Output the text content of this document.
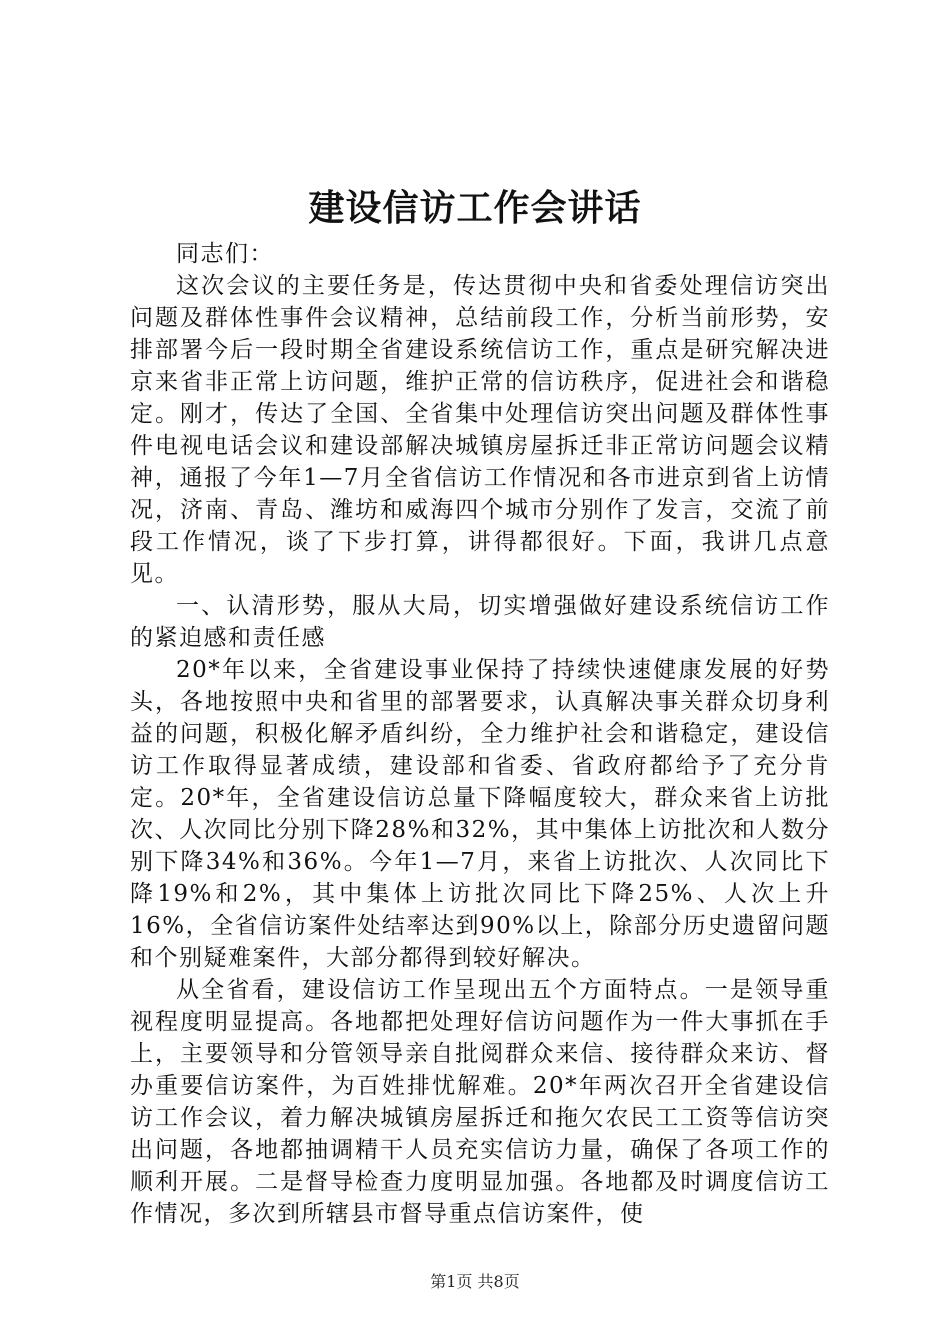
建设信访工作会讲话

同志们：

这次会议的主要任务是，传达贯彻中央和省委处理信访突出问题及群体性事件会议精神，总结前段工作，分析当前形势，安排部署今后一段时期全省建设系统信访工作，重点是研究解决进京来省非正常上访问题，维护正常的信访秩序，促进社会和谐稳定。刚才，传达了全国、全省集中处理信访突出问题及群体性事件电视电话会议和建设部解决城镇房屋拆迁非正常访问题会议精神，通报了今年1—7月全省信访工作情况和各市进京到省上访情况，济南、青岛、潍坊和威海四个城市分别作了发言，交流了前段工作情况，谈了下步打算，讲得都很好。下面，我讲几点意见。

一、认清形势，服从大局，切实增强做好建设系统信访工作的紧迫感和责任感

20*年以来，全省建设事业保持了持续快速健康发展的好势头，各地按照中央和省里的部署要求，认真解决事关群众切身利益的问题，积极化解矛盾纠纷，全力维护社会和谐稳定，建设信访工作取得显著成绩，建设部和省委、省政府都给予了充分肯定。20*年，全省建设信访总量下降幅度较大，群众来省上访批次、人次同比分别下降28%和32%，其中集体上访批次和人数分别下降34%和36%。今年1—7月，来省上访批次、人次同比下降19%和2%，其中集体上访批次同比下降25%、人次上升16%，全省信访案件处结率达到90%以上，除部分历史遗留问题和个别疑难案件，大部分都得到较好解决。

从全省看，建设信访工作呈现出五个方面特点。一是领导重视程度明显提高。各地都把处理好信访问题作为一件大事抓在手上，主要领导和分管领导亲自批阅群众来信、接待群众来访、督办重要信访案件，为百姓排忧解难。20*年两次召开全省建设信访工作会议，着力解决城镇房屋拆迁和拖欠农民工工资等信访突出问题，各地都抽调精干人员充实信访力量，确保了各项工作的顺利开展。二是督导检查力度明显加强。各地都及时调度信访工作情况，多次到所辖县市督导重点信访案件，使

第1页 共8页
